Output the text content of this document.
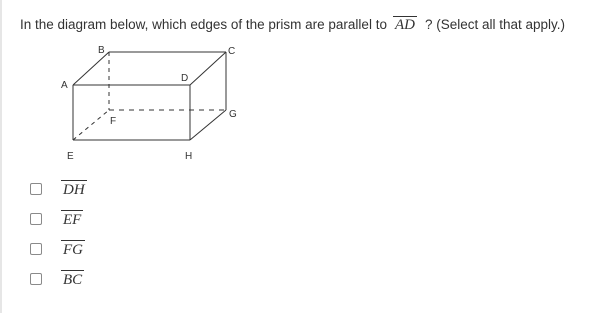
In the diagram below, which edges of the prism are parallel to AD ? (Select all that apply.)
A
B	C
D
E
F
G
H
DH
EF
FG
BC
